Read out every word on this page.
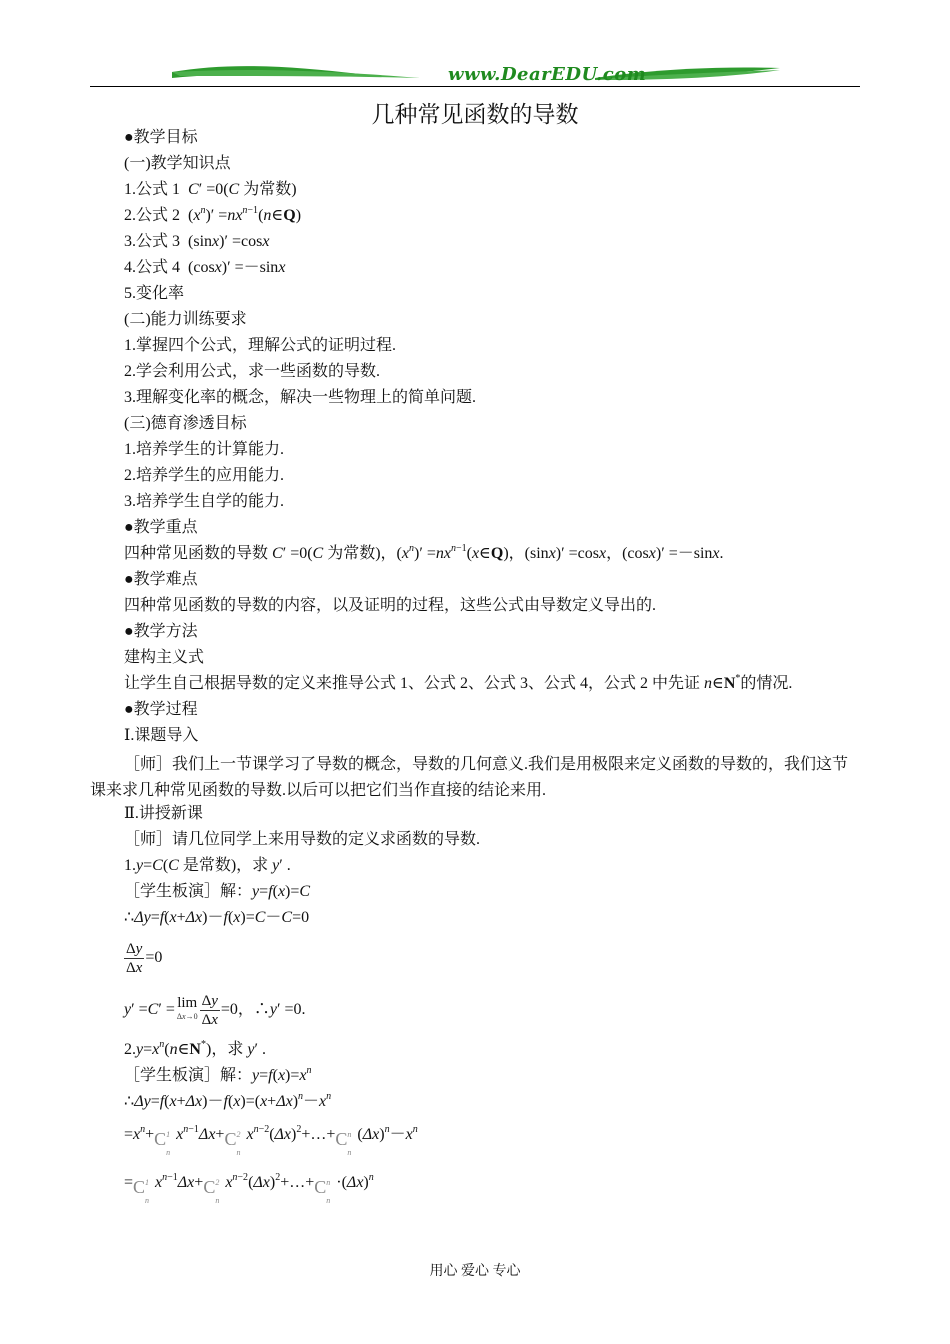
www.DearEDU.com
几种常见函数的导数
●教学目标
(一)教学知识点
1.公式 1 C′ =0(C 为常数)
2.公式 2  $(x^n)'$ $=nx^{n-1}(n\in Q)$
3.公式 3  (sinx)′ =cosx
4.公式 4  (cosx)′ =－sinx
5.变化率
(二)能力训练要求
1.掌握四个公式，理解公式的证明过程.
2.学会利用公式，求一些函数的导数.
3.理解变化率的概念，解决一些物理上的简单问题.
(三)德育渗透目标
1.培养学生的计算能力.
2.培养学生的应用能力.
3.培养学生自学的能力.
●教学重点
四种常见函数的导数 C′ =0(C 为常数)，$(x^n)'$ $=nx^{n-1}(x\in Q)$，(sinx)′ =cosx，(cosx)′ =－sinx.
●教学难点
四种常见函数的导数的内容，以及证明的过程，这些公式由导数定义导出的.
●教学方法
建构主义式
让学生自己根据导数的定义来推导公式 1、公式 2、公式 3、公式 4，公式 2 中先证 n∈N*的情况.
●教学过程
Ⅰ.课题导入
［师］我们上一节课学习了导数的概念，导数的几何意义.我们是用极限来定义函数的导数的，我们这节课来求几种常见函数的导数.以后可以把它们当作直接的结论来用.
Ⅱ.讲授新课
［师］请几位同学上来用导数的定义求函数的导数.
1.y=C(C 是常数)，求 y′ .
［学生板演］解：y=f(x)=C
∴Δy=f(x+Δx)－f(x)=C－C=0
$\frac{\Delta y}{\Delta x} =0$
y′ =C′ = lim
$\Delta x\to 0 \frac{\Delta y}{\Delta x} =0$，∴y′ =0.
$2.y=x^n(n\in N^*)$，求 y′ .
［学生板演］解：$y=f(x)=x^n$
$\therefore\Delta y=f(x+\Delta x)-f(x)=(x+\Delta x)^n-x^n$
$=x^n+ C$ 1
n
$x^{n-1}\Delta x+ C$ 2
n
$x^{n-2}(\Delta x)^2+\dots+ C$ n
n
$(\Delta x)^n-x^n$
= C 1
n
$x^{n-1}\Delta x+ C$ 2
n
$x^{n-2}(\Delta x)^2+\dots+ C$ n
n
$\cdot(\Delta x)^n$
用心 爱心 专心
